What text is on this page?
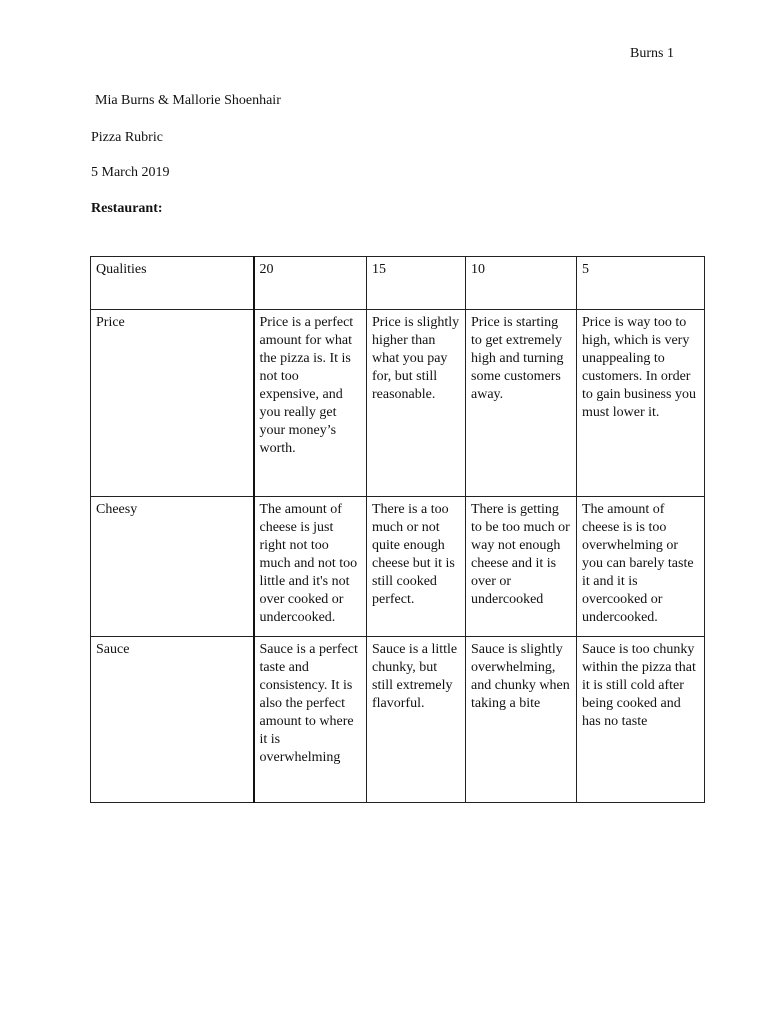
Burns 1
Mia Burns & Mallorie Shoenhair
Pizza Rubric
5 March 2019
Restaurant:
Qualities	20	15	10	5
Price	Price is a perfect amount for what the pizza is. It is not too expensive, and you really get your money’s worth.	Price is slightly higher than what you pay for, but still reasonable.	Price is starting to get extremely high and turning some customers away.	Price is way too to high, which is very unappealing to customers. In order to gain business you must lower it.
Cheesy	The amount of cheese is just right not too much and not too little and it's not over cooked or undercooked.	There is a too much or not quite enough cheese but it is still cooked perfect.	There is getting to be too much or way not enough cheese and it is over or undercooked	The amount of cheese is is too overwhelming or you can barely taste it and it is overcooked or undercooked.
Sauce	Sauce is a perfect taste and consistency. It is also the perfect amount to where it is overwhelming	Sauce is a little chunky, but still extremely flavorful.	Sauce is slightly overwhelming, and chunky when taking a bite	Sauce is too chunky within the pizza that it is still cold after being cooked and has no taste
